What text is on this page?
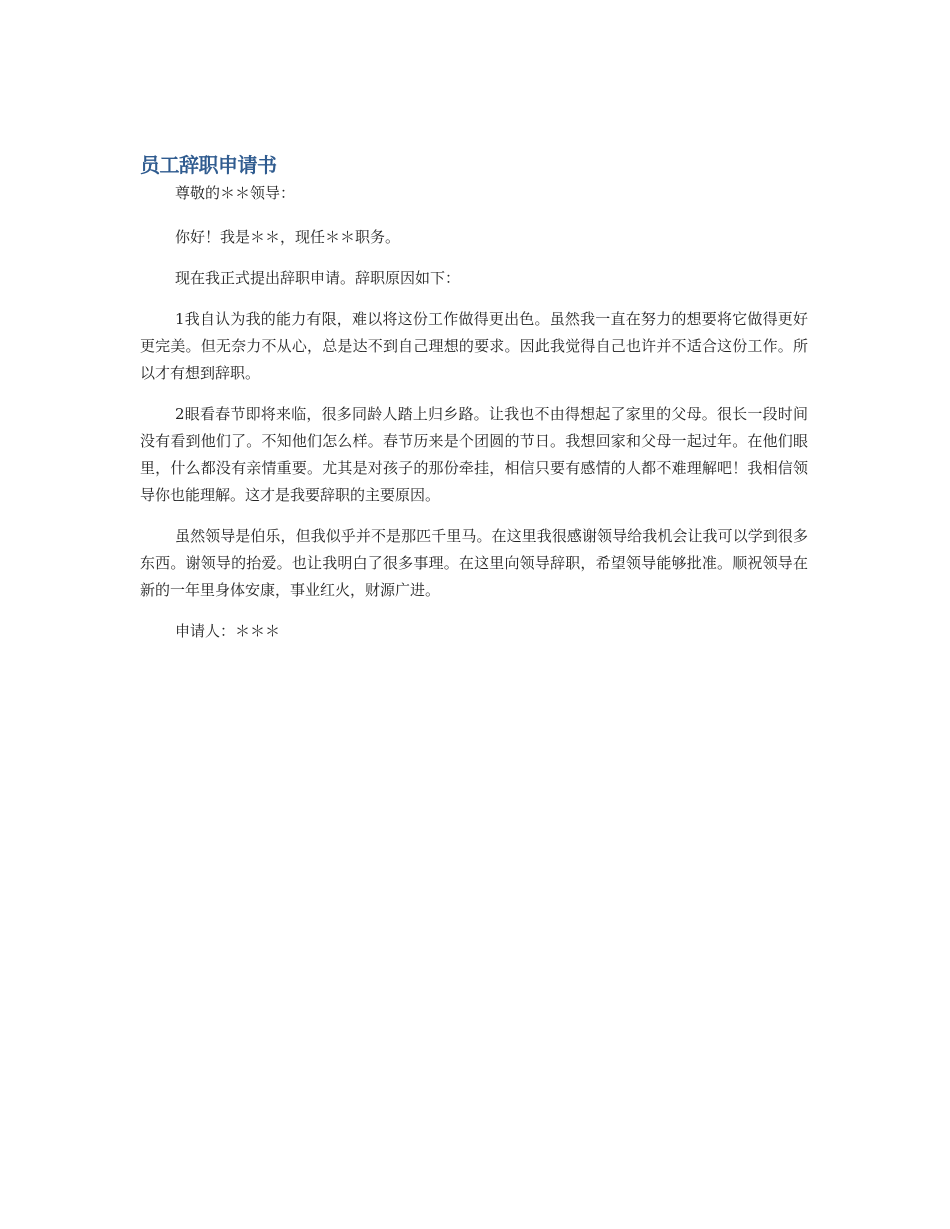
员工辞职申请书

尊敬的＊＊领导：

你好！我是＊＊，现任＊＊职务。

现在我正式提出辞职申请。辞职原因如下：

1我自认为我的能力有限，难以将这份工作做得更出色。虽然我一直在努力的想要将它做得更好更完美。但无奈力不从心，总是达不到自己理想的要求。因此我觉得自己也许并不适合这份工作。所以才有想到辞职。

2眼看春节即将来临，很多同龄人踏上归乡路。让我也不由得想起了家里的父母。很长一段时间没有看到他们了。不知他们怎么样。春节历来是个团圆的节日。我想回家和父母一起过年。在他们眼里，什么都没有亲情重要。尤其是对孩子的那份牵挂，相信只要有感情的人都不难理解吧！我相信领导你也能理解。这才是我要辞职的主要原因。

虽然领导是伯乐，但我似乎并不是那匹千里马。在这里我很感谢领导给我机会让我可以学到很多东西。谢领导的抬爱。也让我明白了很多事理。在这里向领导辞职，希望领导能够批准。顺祝领导在新的一年里身体安康，事业红火，财源广进。

申请人：＊＊＊
